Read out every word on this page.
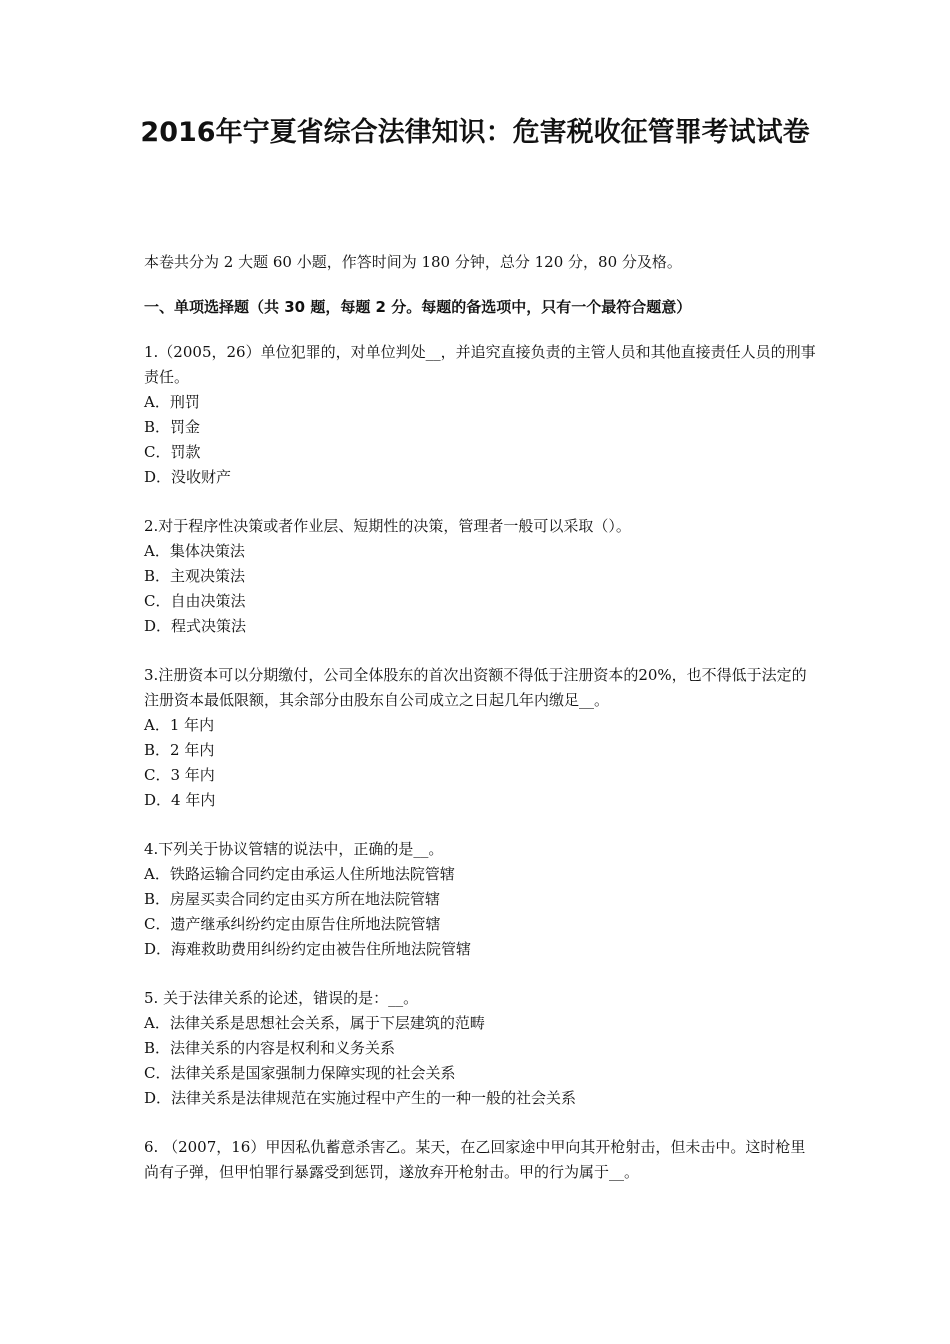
2016年宁夏省综合法律知识：危害税收征管罪考试试卷

本卷共分为 2 大题 60 小题，作答时间为 180 分钟，总分 120 分，80 分及格。

一、单项选择题（共 30 题，每题 2 分。每题的备选项中，只有一个最符合题意）

1.（2005，26）单位犯罪的，对单位判处__，并追究直接负责的主管人员和其他直接责任人员的刑事责任。

A．刑罚

B．罚金

C．罚款

D．没收财产

2.对于程序性决策或者作业层、短期性的决策，管理者一般可以采取（）。

A．集体决策法

B．主观决策法

C．自由决策法

D．程式决策法

3.注册资本可以分期缴付，公司全体股东的首次出资额不得低于注册资本的20%，也不得低于法定的注册资本最低限额，其余部分由股东自公司成立之日起几年内缴足__。

A．1 年内

B．2 年内

C．3 年内

D．4 年内

4.下列关于协议管辖的说法中，正确的是__。

A．铁路运输合同约定由承运人住所地法院管辖

B．房屋买卖合同约定由买方所在地法院管辖

C．遗产继承纠纷约定由原告住所地法院管辖

D．海难救助费用纠纷约定由被告住所地法院管辖

5. 关于法律关系的论述，错误的是：__。

A．法律关系是思想社会关系，属于下层建筑的范畴

B．法律关系的内容是权利和义务关系

C．法律关系是国家强制力保障实现的社会关系

D．法律关系是法律规范在实施过程中产生的一种一般的社会关系

6. （2007，16）甲因私仇蓄意杀害乙。某天，在乙回家途中甲向其开枪射击，但未击中。这时枪里尚有子弹，但甲怕罪行暴露受到惩罚，遂放弃开枪射击。甲的行为属于__。
